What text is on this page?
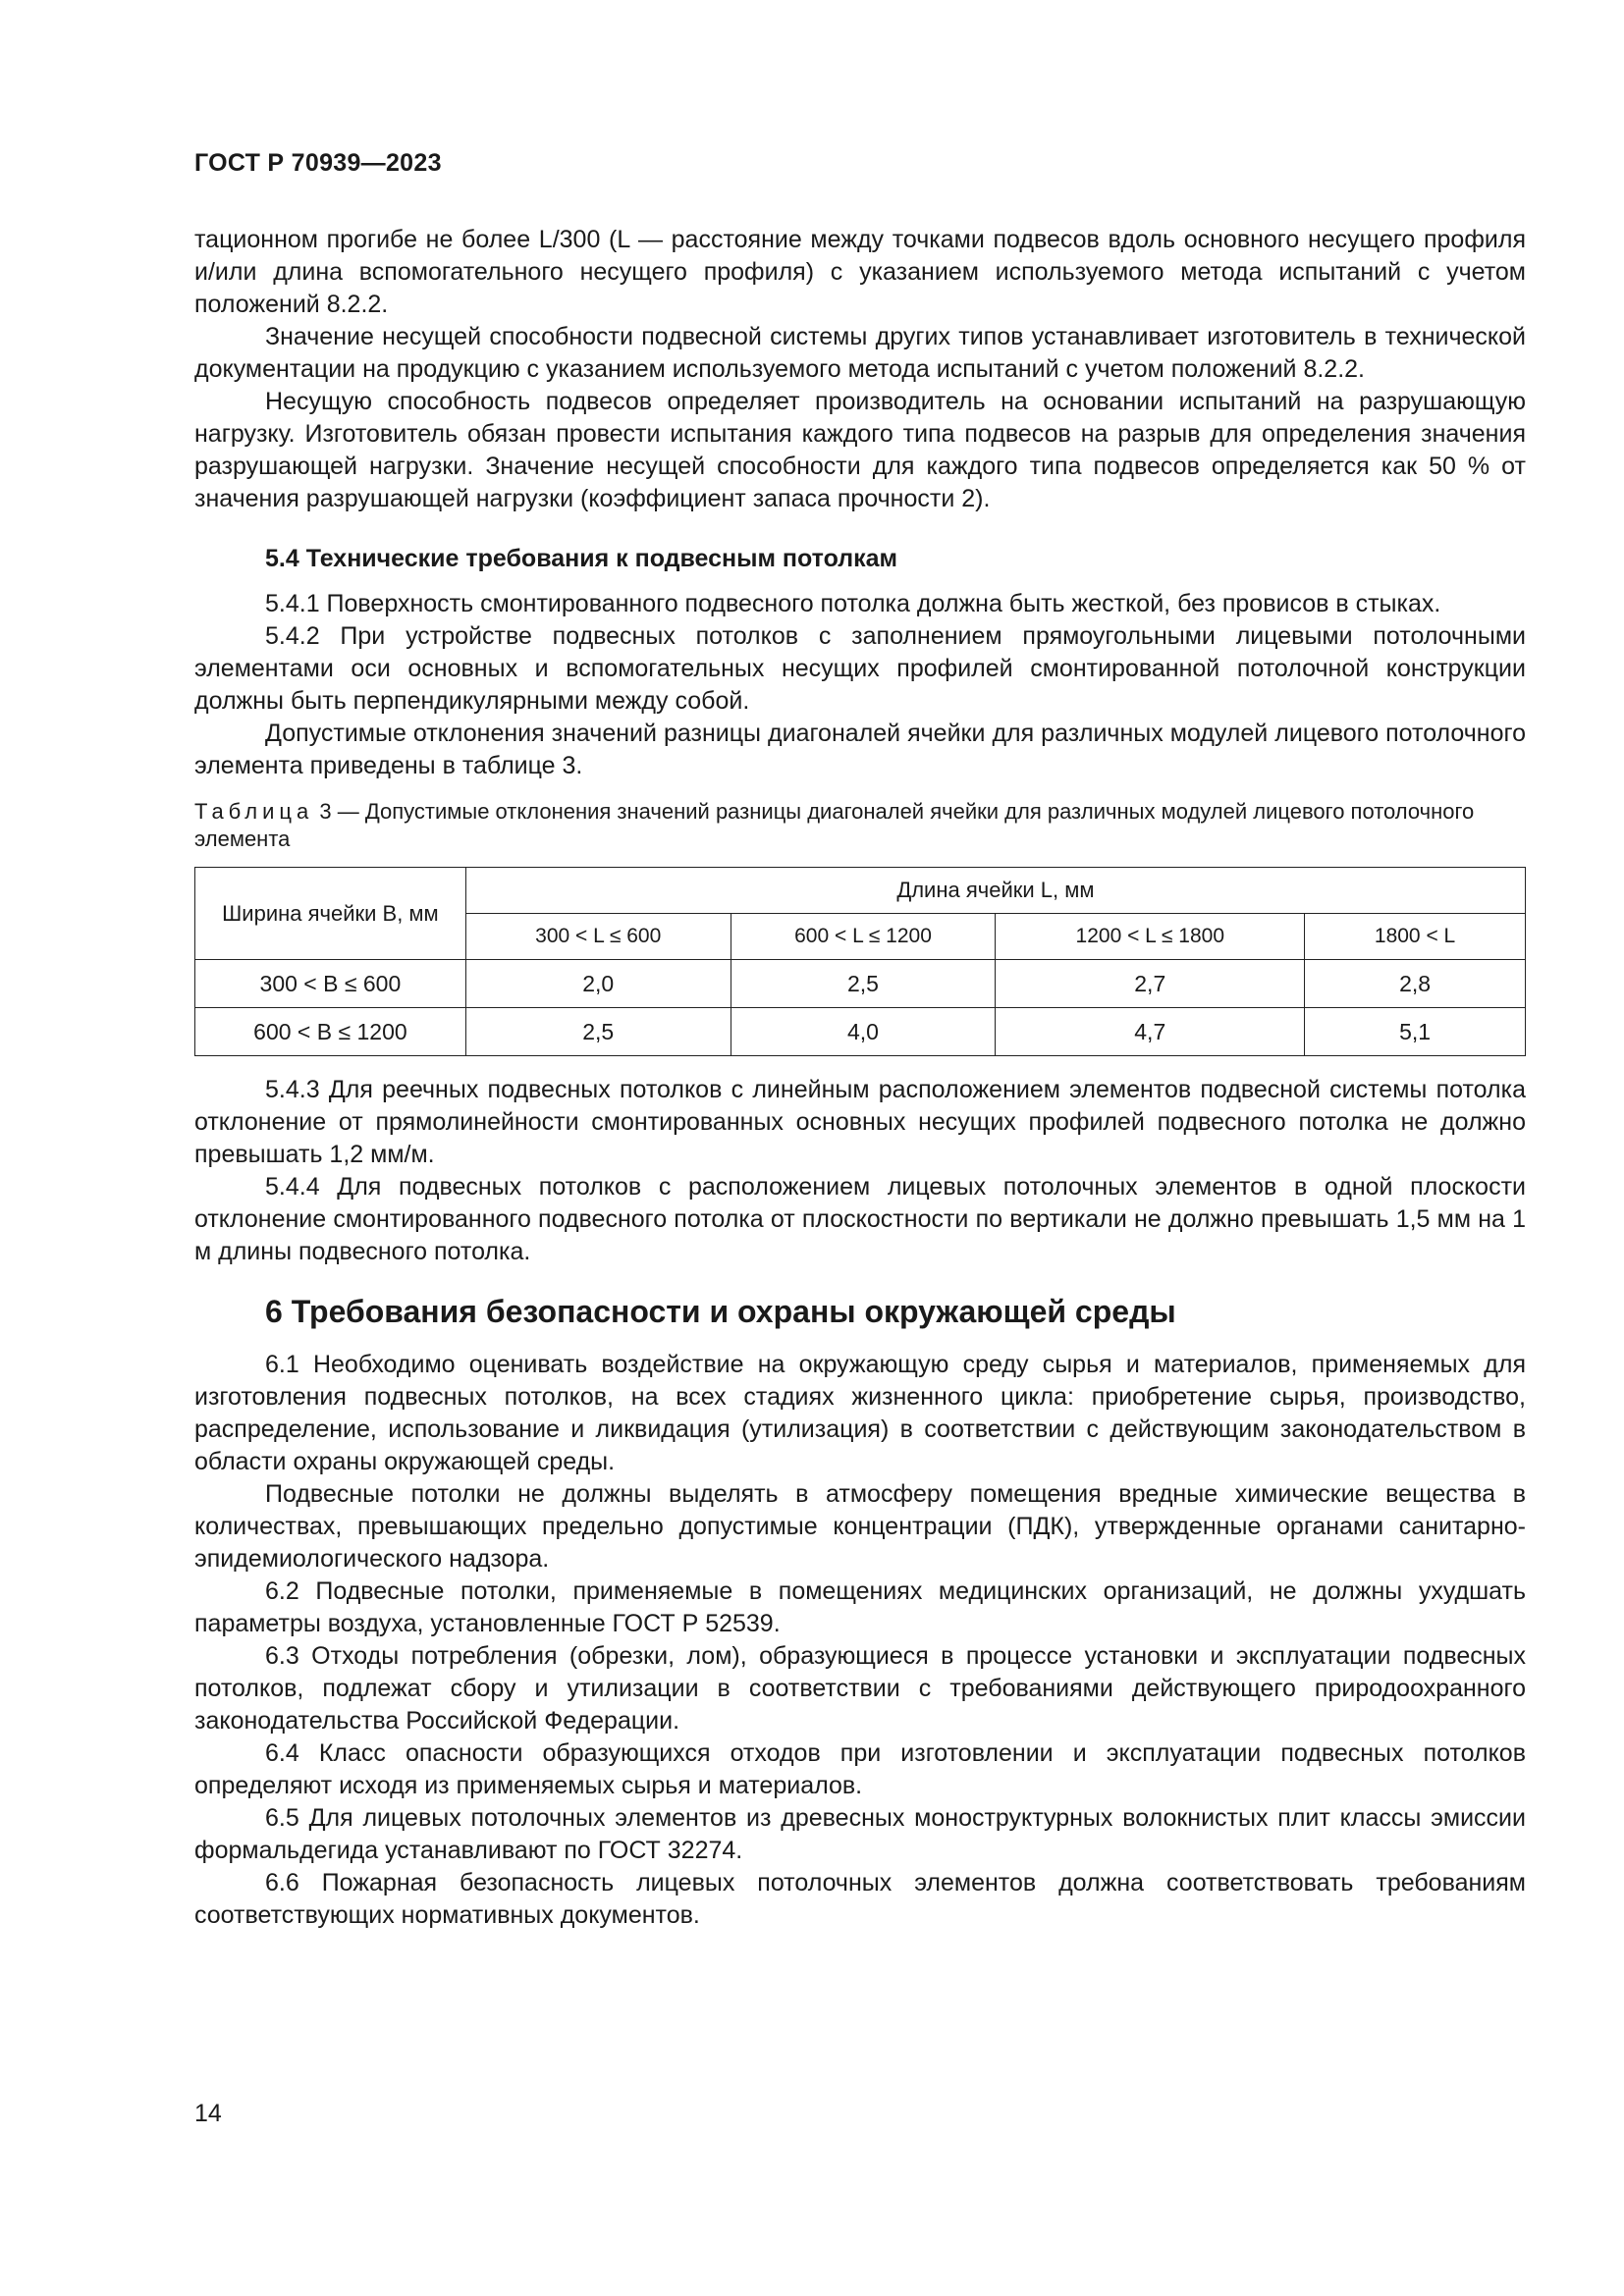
ГОСТ Р 70939—2023

тационном прогибе не более L/300 (L — расстояние между точками подвесов вдоль основного несущего профиля и/или длина вспомогательного несущего профиля) с указанием используемого метода испытаний с учетом положений 8.2.2.

Значение несущей способности подвесной системы других типов устанавливает изготовитель в технической документации на продукцию с указанием используемого метода испытаний с учетом положений 8.2.2.

Несущую способность подвесов определяет производитель на основании испытаний на разрушающую нагрузку. Изготовитель обязан провести испытания каждого типа подвесов на разрыв для определения значения разрушающей нагрузки. Значение несущей способности для каждого типа подвесов определяется как 50 % от значения разрушающей нагрузки (коэффициент запаса прочности 2).

5.4 Технические требования к подвесным потолкам

5.4.1 Поверхность смонтированного подвесного потолка должна быть жесткой, без провисов в стыках.

5.4.2 При устройстве подвесных потолков с заполнением прямоугольными лицевыми потолочными элементами оси основных и вспомогательных несущих профилей смонтированной потолочной конструкции должны быть перпендикулярными между собой.

Допустимые отклонения значений разницы диагоналей ячейки для различных модулей лицевого потолочного элемента приведены в таблице 3.

Таблица 3 — Допустимые отклонения значений разницы диагоналей ячейки для различных модулей лицевого потолочного элемента

Ширина ячейки В, мм	Длина ячейки L, мм			
	300 < L ≤ 600	600 < L ≤ 1200	1200 < L ≤ 1800	1800 < L
300 < B ≤ 600	2,0	2,5	2,7	2,8
600 < B ≤ 1200	2,5	4,0	4,7	5,1

5.4.3 Для реечных подвесных потолков с линейным расположением элементов подвесной системы потолка отклонение от прямолинейности смонтированных основных несущих профилей подвесного потолка не должно превышать 1,2 мм/м.

5.4.4 Для подвесных потолков с расположением лицевых потолочных элементов в одной плоскости отклонение смонтированного подвесного потолка от плоскостности по вертикали не должно превышать 1,5 мм на 1 м длины подвесного потолка.

6 Требования безопасности и охраны окружающей среды

6.1 Необходимо оценивать воздействие на окружающую среду сырья и материалов, применяемых для изготовления подвесных потолков, на всех стадиях жизненного цикла: приобретение сырья, производство, распределение, использование и ликвидация (утилизация) в соответствии с действующим законодательством в области охраны окружающей среды.

Подвесные потолки не должны выделять в атмосферу помещения вредные химические вещества в количествах, превышающих предельно допустимые концентрации (ПДК), утвержденные органами санитарно-эпидемиологического надзора.

6.2 Подвесные потолки, применяемые в помещениях медицинских организаций, не должны ухудшать параметры воздуха, установленные ГОСТ Р 52539.

6.3 Отходы потребления (обрезки, лом), образующиеся в процессе установки и эксплуатации подвесных потолков, подлежат сбору и утилизации в соответствии с требованиями действующего природоохранного законодательства Российской Федерации.

6.4 Класс опасности образующихся отходов при изготовлении и эксплуатации подвесных потолков определяют исходя из применяемых сырья и материалов.

6.5 Для лицевых потолочных элементов из древесных моноструктурных волокнистых плит классы эмиссии формальдегида устанавливают по ГОСТ 32274.

6.6 Пожарная безопасность лицевых потолочных элементов должна соответствовать требованиям соответствующих нормативных документов.

14
